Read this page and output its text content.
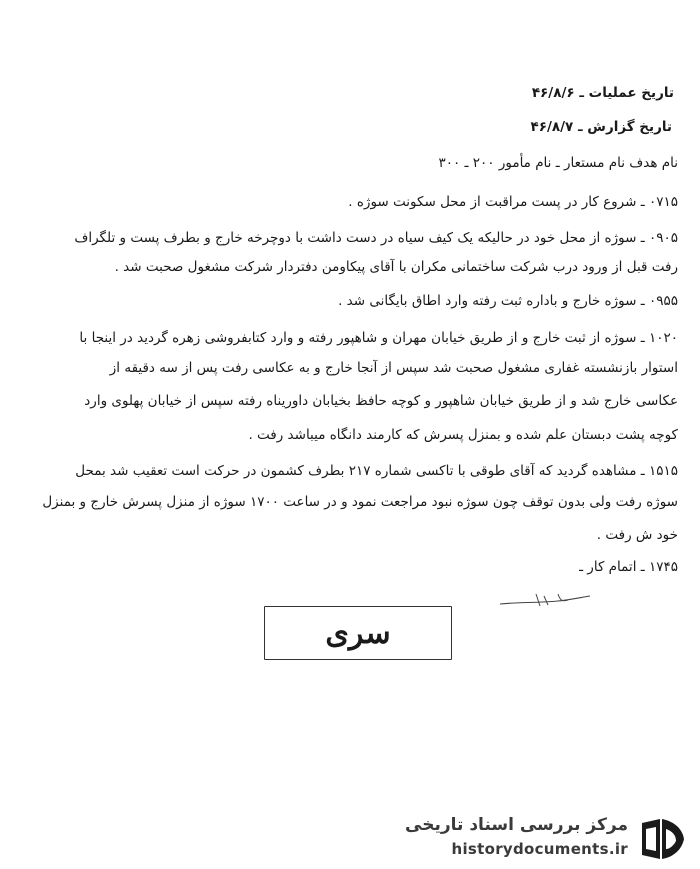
تاریخ عملیات ـ ۴۶/۸/۶
تاریخ گزارش ـ ۴۶/۸/۷
نام هدف نام مستعار ـ نام مأمور ۲۰۰ ـ ۳۰۰
۰۷۱۵ ـ شروع کار در پست مراقبت از محل سکونت سوژه .
۰۹۰۵ ـ سوژه از محل خود در حالیکه یک کیف سیاه در دست داشت با دوچرخه خارج و بطرف پست و تلگراف
رفت قبل از ورود درب شرکت ساختمانی مکران با آقای پیکاومن دفتردار شرکت مشغول صحبت شد .
۰۹۵۵ ـ سوژه خارج و باداره ثبت رفته وارد اطاق بایگانی شد .
۱۰۲۰ ـ سوژه از ثبت خارج و از طریق خیابان مهران و شاهپور رفته و وارد کتابفروشی زهره گردید در اینجا با
استوار بازنشسته غفاری مشغول صحبت شد سپس از آنجا خارج و به عکاسی رفت پس از سه دقیقه از
عکاسی خارج شد و از طریق خیابان شاهپور و کوچه حافظ بخیابان داوریناه رفته سپس از خیابان پهلوی وارد
کوچه پشت دبستان علم شده و بمنزل پسرش که کارمند دانگاه میباشد رفت .
۱۵۱۵ ـ مشاهده گردید که آقای طوقی با تاکسی شماره ۲۱۷ بطرف کشمون در حرکت است تعقیب شد بمحل
سوژه رفت ولی بدون توقف چون سوژه نبود مراجعت نمود و در ساعت ۱۷۰۰ سوژه از منزل پسرش خارج و بمنزل
خود ش رفت .
۱۷۴۵ ـ اتمام کار ـ
سری
مرکز بررسی اسناد تاریخی
historydocuments.ir
